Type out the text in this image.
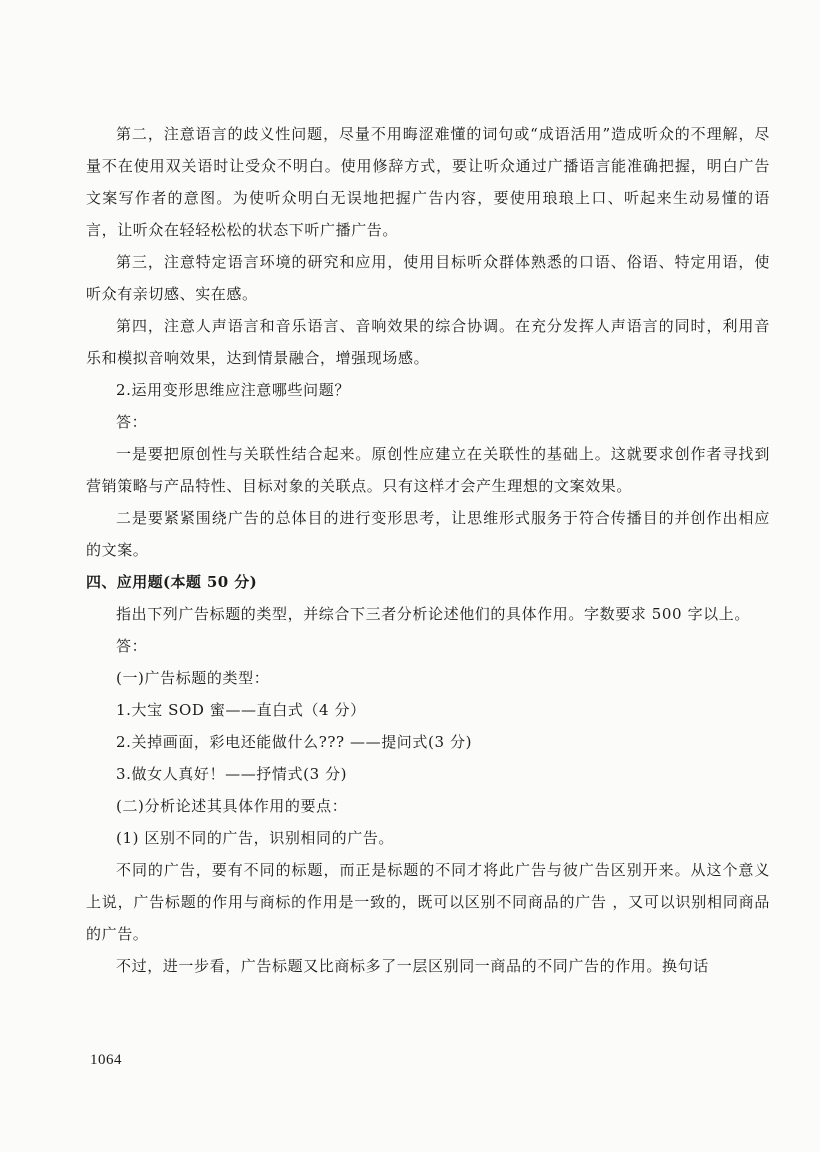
第二，注意语言的歧义性问题，尽量不用晦涩难懂的词句或“成语活用”造成听众的不理解，尽量不在使用双关语时让受众不明白。使用修辞方式，要让听众通过广播语言能准确把握，明白广告文案写作者的意图。为使听众明白无误地把握广告内容，要使用琅琅上口、听起来生动易懂的语言，让听众在轻轻松松的状态下听广播广告。

第三，注意特定语言环境的研究和应用，使用目标听众群体熟悉的口语、俗语、特定用语，使听众有亲切感、实在感。

第四，注意人声语言和音乐语言、音响效果的综合协调。在充分发挥人声语言的同时，利用音乐和模拟音响效果，达到情景融合，增强现场感。

2.运用变形思维应注意哪些问题？

答：

一是要把原创性与关联性结合起来。原创性应建立在关联性的基础上。这就要求创作者寻找到营销策略与产品特性、目标对象的关联点。只有这样才会产生理想的文案效果。

二是要紧紧围绕广告的总体目的进行变形思考，让思维形式服务于符合传播目的并创作出相应的文案。

四、应用题(本题 50 分)

指出下列广告标题的类型，并综合下三者分析论述他们的具体作用。字数要求 500 字以上。

答：

(一)广告标题的类型：

1.大宝 SOD 蜜——直白式（4 分）

2.关掉画面，彩电还能做什么??? ——提问式(3 分)

3.做女人真好！——抒情式(3 分)

(二)分析论述其具体作用的要点：

(1) 区别不同的广告，识别相同的广告。

不同的广告，要有不同的标题，而正是标题的不同才将此广告与彼广告区别开来。从这个意义上说，广告标题的作用与商标的作用是一致的，既可以区别不同商品的广告 ，又可以识别相同商品的广告。

不过，进一步看，广告标题又比商标多了一层区别同一商品的不同广告的作用。换句话

1064
